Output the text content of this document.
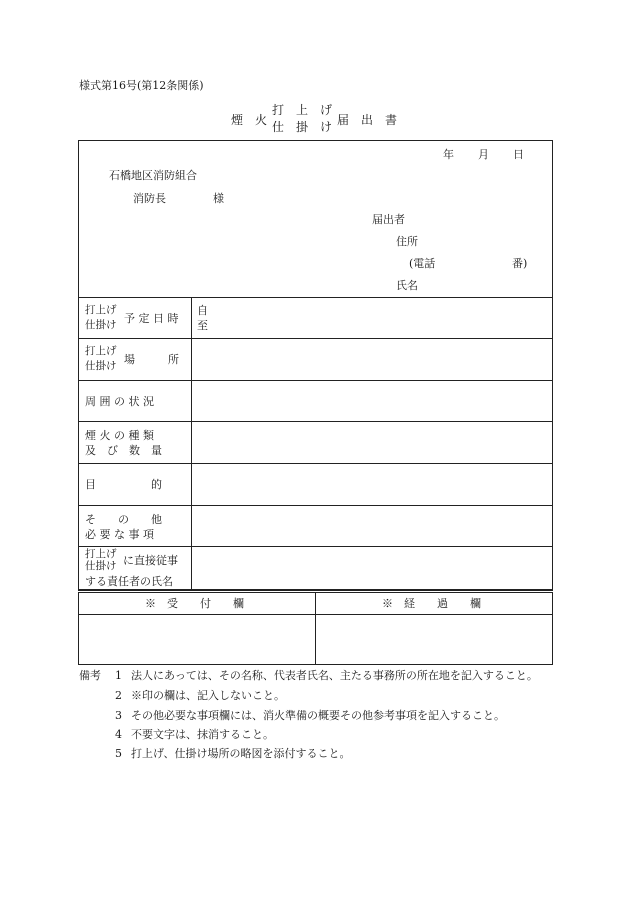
様式第16号(第12条関係)
煙　火
打　上　げ
仕　掛　け 届　出　書
年 月 日
石橋地区消防組合
消防長	様
届出者
住所
(電話	番)
氏名
打上げ
仕掛け 予 定 日 時
自
至
打上げ
仕掛け 場　　　所
周 囲 の 状 況
煙 火 の 種 類
及　び　数　量
目　　　　　的
そ　　の　　他
必 要 な 事 項
打上げ
仕掛け に直接従事
する責任者の氏名
※　受　　付　　欄	※　経　　過　　欄
備考 1 法人にあっては、その名称、代表者氏名、主たる事務所の所在地を記入すること。
2 ※印の欄は、記入しないこと。
3 その他必要な事項欄には、消火準備の概要その他参考事項を記入すること。
4 不要文字は、抹消すること。
5 打上げ、仕掛け場所の略図を添付すること。
